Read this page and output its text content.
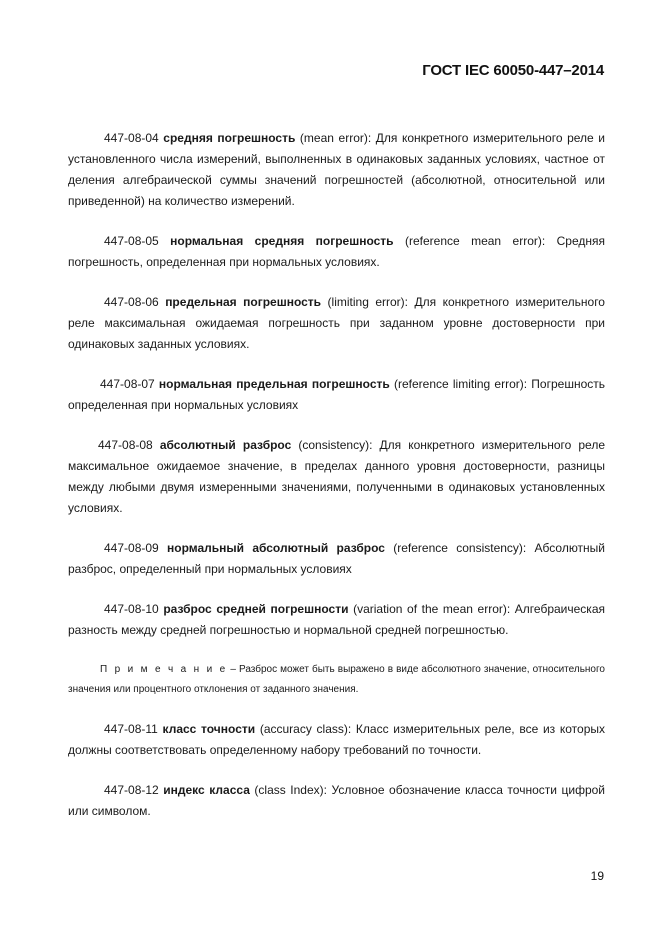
ГОСТ IEC 60050-447–2014

447-08-04 средняя погрешность (mean error): Для конкретного измерительного реле и установленного числа измерений, выполненных в одинаковых заданных условиях, частное от деления алгебраической суммы значений погрешностей (абсолютной, относительной или приведенной) на количество измерений.

447-08-05 нормальная средняя погрешность (reference mean error): Средняя погрешность, определенная при нормальных условиях.

447-08-06 предельная погрешность (limiting error): Для конкретного измерительного реле максимальная ожидаемая погрешность при заданном уровне достоверности при одинаковых заданных условиях.

447-08-07 нормальная предельная погрешность (reference limiting error): Погрешность определенная при нормальных условиях

447-08-08 абсолютный разброс (consistency): Для конкретного измерительного реле максимальное ожидаемое значение, в пределах данного уровня достоверности, разницы между любыми двумя измеренными значениями, полученными в одинаковых установленных условиях.

447-08-09 нормальный абсолютный разброс (reference consistency): Абсолютный разброс, определенный при нормальных условиях

447-08-10 разброс средней погрешности (variation of the mean error): Алгебраическая разность между средней погрешностью и нормальной средней погрешностью.

П р и м е ч а н и е – Разброс может быть выражено в виде абсолютного значение, относительного значения или процентного отклонения от заданного значения.

447-08-11 класс точности (accuracy class): Класс измерительных реле, все из которых должны соответствовать определенному набору требований по точности.

447-08-12 индекс класса (class Index): Условное обозначение класса точности цифрой или символом.

19
